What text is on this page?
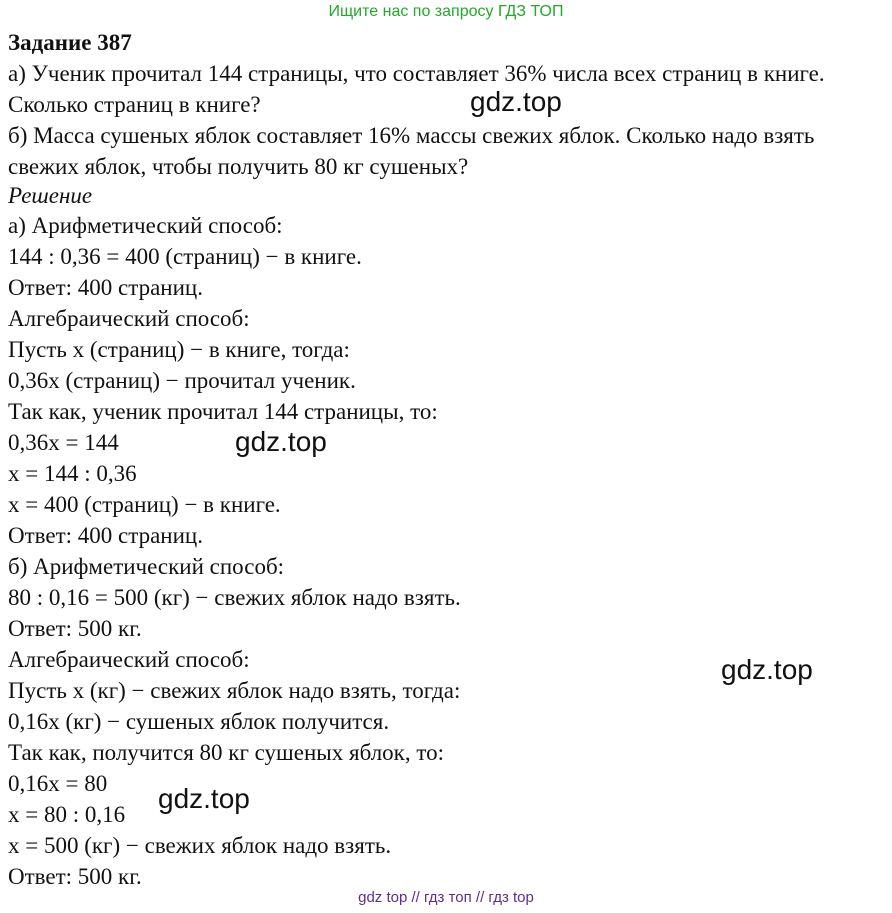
Ищите нас по запросу ГДЗ ТОП
Задание 387
а) Ученик прочитал 144 страницы, что составляет 36% числа всех страниц в книге. Сколько страниц в книге?
б) Масса сушеных яблок составляет 16% массы свежих яблок. Сколько надо взять свежих яблок, чтобы получить 80 кг сушеных?
Решение
а) Арифметический способ:
144 : 0,36 = 400 (страниц) − в книге.
Ответ: 400 страниц.
Алгебраический способ:
Пусть x (страниц) − в книге, тогда:
0,36x (страниц) − прочитал ученик.
Так как, ученик прочитал 144 страницы, то:
0,36x = 144
x = 144 : 0,36
x = 400 (страниц) − в книге.
Ответ: 400 страниц.
б) Арифметический способ:
80 : 0,16 = 500 (кг) − свежих яблок надо взять.
Ответ: 500 кг.
Алгебраический способ:
Пусть x (кг) − свежих яблок надо взять, тогда:
0,16x (кг) − сушеных яблок получится.
Так как, получится 80 кг сушеных яблок, то:
0,16x = 80
x = 80 : 0,16
x = 500 (кг) − свежих яблок надо взять.
Ответ: 500 кг.
gdz.top
gdz.top
gdz.top
gdz.top
gdz top // гдз топ // гдз top
